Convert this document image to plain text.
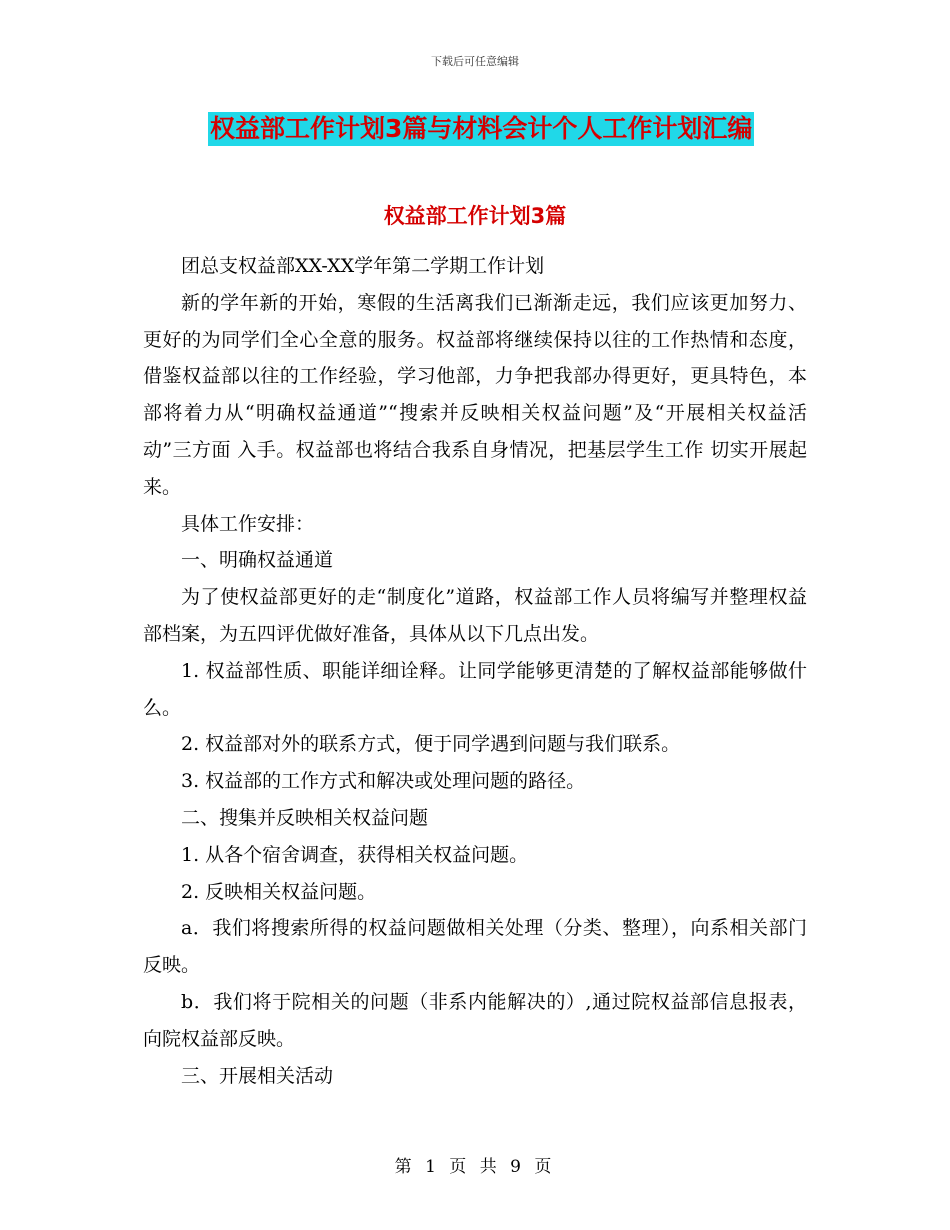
下载后可任意编辑
权益部工作计划3篇与材料会计个人工作计划汇编
权益部工作计划3篇

团总支权益部XX-XX学年第二学期工作计划

新的学年新的开始，寒假的生活离我们已渐渐走远，我们应该更加努力、更好的为同学们全心全意的服务。权益部将继续保持以往的工作热情和态度，借鉴权益部以往的工作经验，学习他部，力争把我部办得更好，更具特色，本部将着力从“明确权益通道”“搜索并反映相关权益问题”及“开展相关权益活动”三方面 入手。权益部也将结合我系自身情况，把基层学生工作 切实开展起来。

具体工作安排：

一、明确权益通道

为了使权益部更好的走“制度化”道路，权益部工作人员将编写并整理权益部档案，为五四评优做好准备，具体从以下几点出发。

1. 权益部性质、职能详细诠释。让同学能够更清楚的了解权益部能够做什么。

2. 权益部对外的联系方式，便于同学遇到问题与我们联系。

3. 权益部的工作方式和解决或处理问题的路径。

二、搜集并反映相关权益问题

1. 从各个宿舍调查，获得相关权益问题。

2. 反映相关权益问题。

a．我们将搜索所得的权益问题做相关处理（分类、整理），向系相关部门反映。

b．我们将于院相关的问题（非系内能解决的）,通过院权益部信息报表，向院权益部反映。

三、开展相关活动

第 1 页 共 9 页
